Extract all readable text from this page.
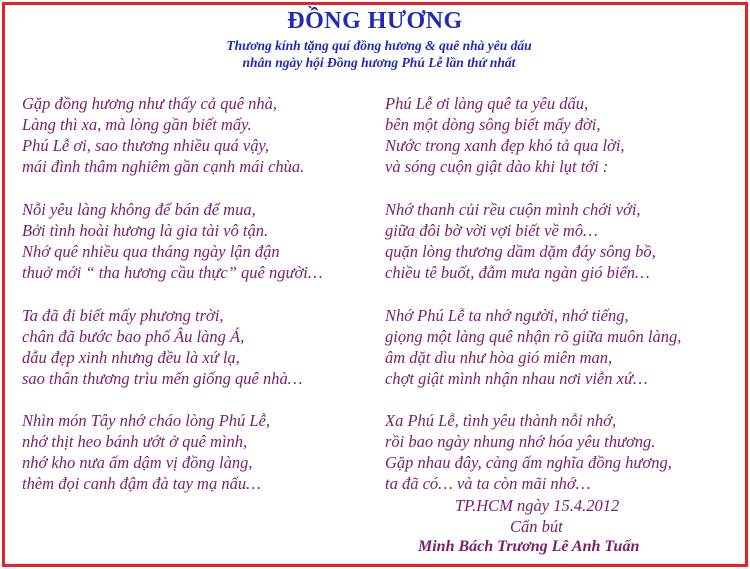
ĐỒNG HƯƠNG
Thương kính tặng quí đồng hương & quê nhà yêu dấu
nhân ngày hội Đồng hương Phú Lễ lần thứ nhất
Gặp đồng hương như thấy cả quê nhà,
Làng thì xa, mà lòng gần biết mấy.
Phú Lễ ơi, sao thương nhiều quá vậy,
mái đình thâm nghiêm gần cạnh mái chùa.
Nỗi yêu làng không để bán để mua,
Bởi tình hoài hương là gia tài vô tận.
Nhớ quê nhiều qua tháng ngày lận đận
thuở mới “ tha hương cầu thực” quê người…
Ta đã đi biết mấy phương trời,
chân đã bước bao phố Âu làng Á,
dẫu đẹp xinh nhưng đều là xứ lạ,
sao thân thương trìu mến giống quê nhà…
Nhìn món Tây nhớ cháo lòng Phú Lễ,
nhớ thịt heo bánh ướt ở quê mình,
nhớ kho nưa ấm dậm vị đồng làng,
thèm đọi canh đậm đà tay mạ nấu…
Phú Lễ ơi làng quê ta yêu dấu,
bên một dòng sông biết mấy đời,
Nước trong xanh đẹp khó tả qua lời,
và sóng cuộn giật dào khi lụt tới :
Nhớ thanh củi rều cuộn mình chới với,
giữa đôi bờ vời vợi biết về mô…
quặn lòng thương dầm dặm đáy sông bồ,
chiều tê buốt, đẫm mưa ngàn gió biển…
Nhớ Phú Lễ ta nhớ người, nhớ tiếng,
giọng một làng quê nhận rõ giữa muôn làng,
âm dặt dìu như hòa gió miên man,
chợt giật mình nhận nhau nơi viễn xứ…
Xa Phú Lễ, tình yêu thành nỗi nhớ,
rồi bao ngày nhung nhớ hóa yêu thương.
Gặp nhau đây, càng ấm nghĩa đồng hương,
ta đã có… và ta còn mãi nhớ…
TP.HCM ngày 15.4.2012
Cẩn bút
Minh Bách Trương Lê Anh Tuấn
